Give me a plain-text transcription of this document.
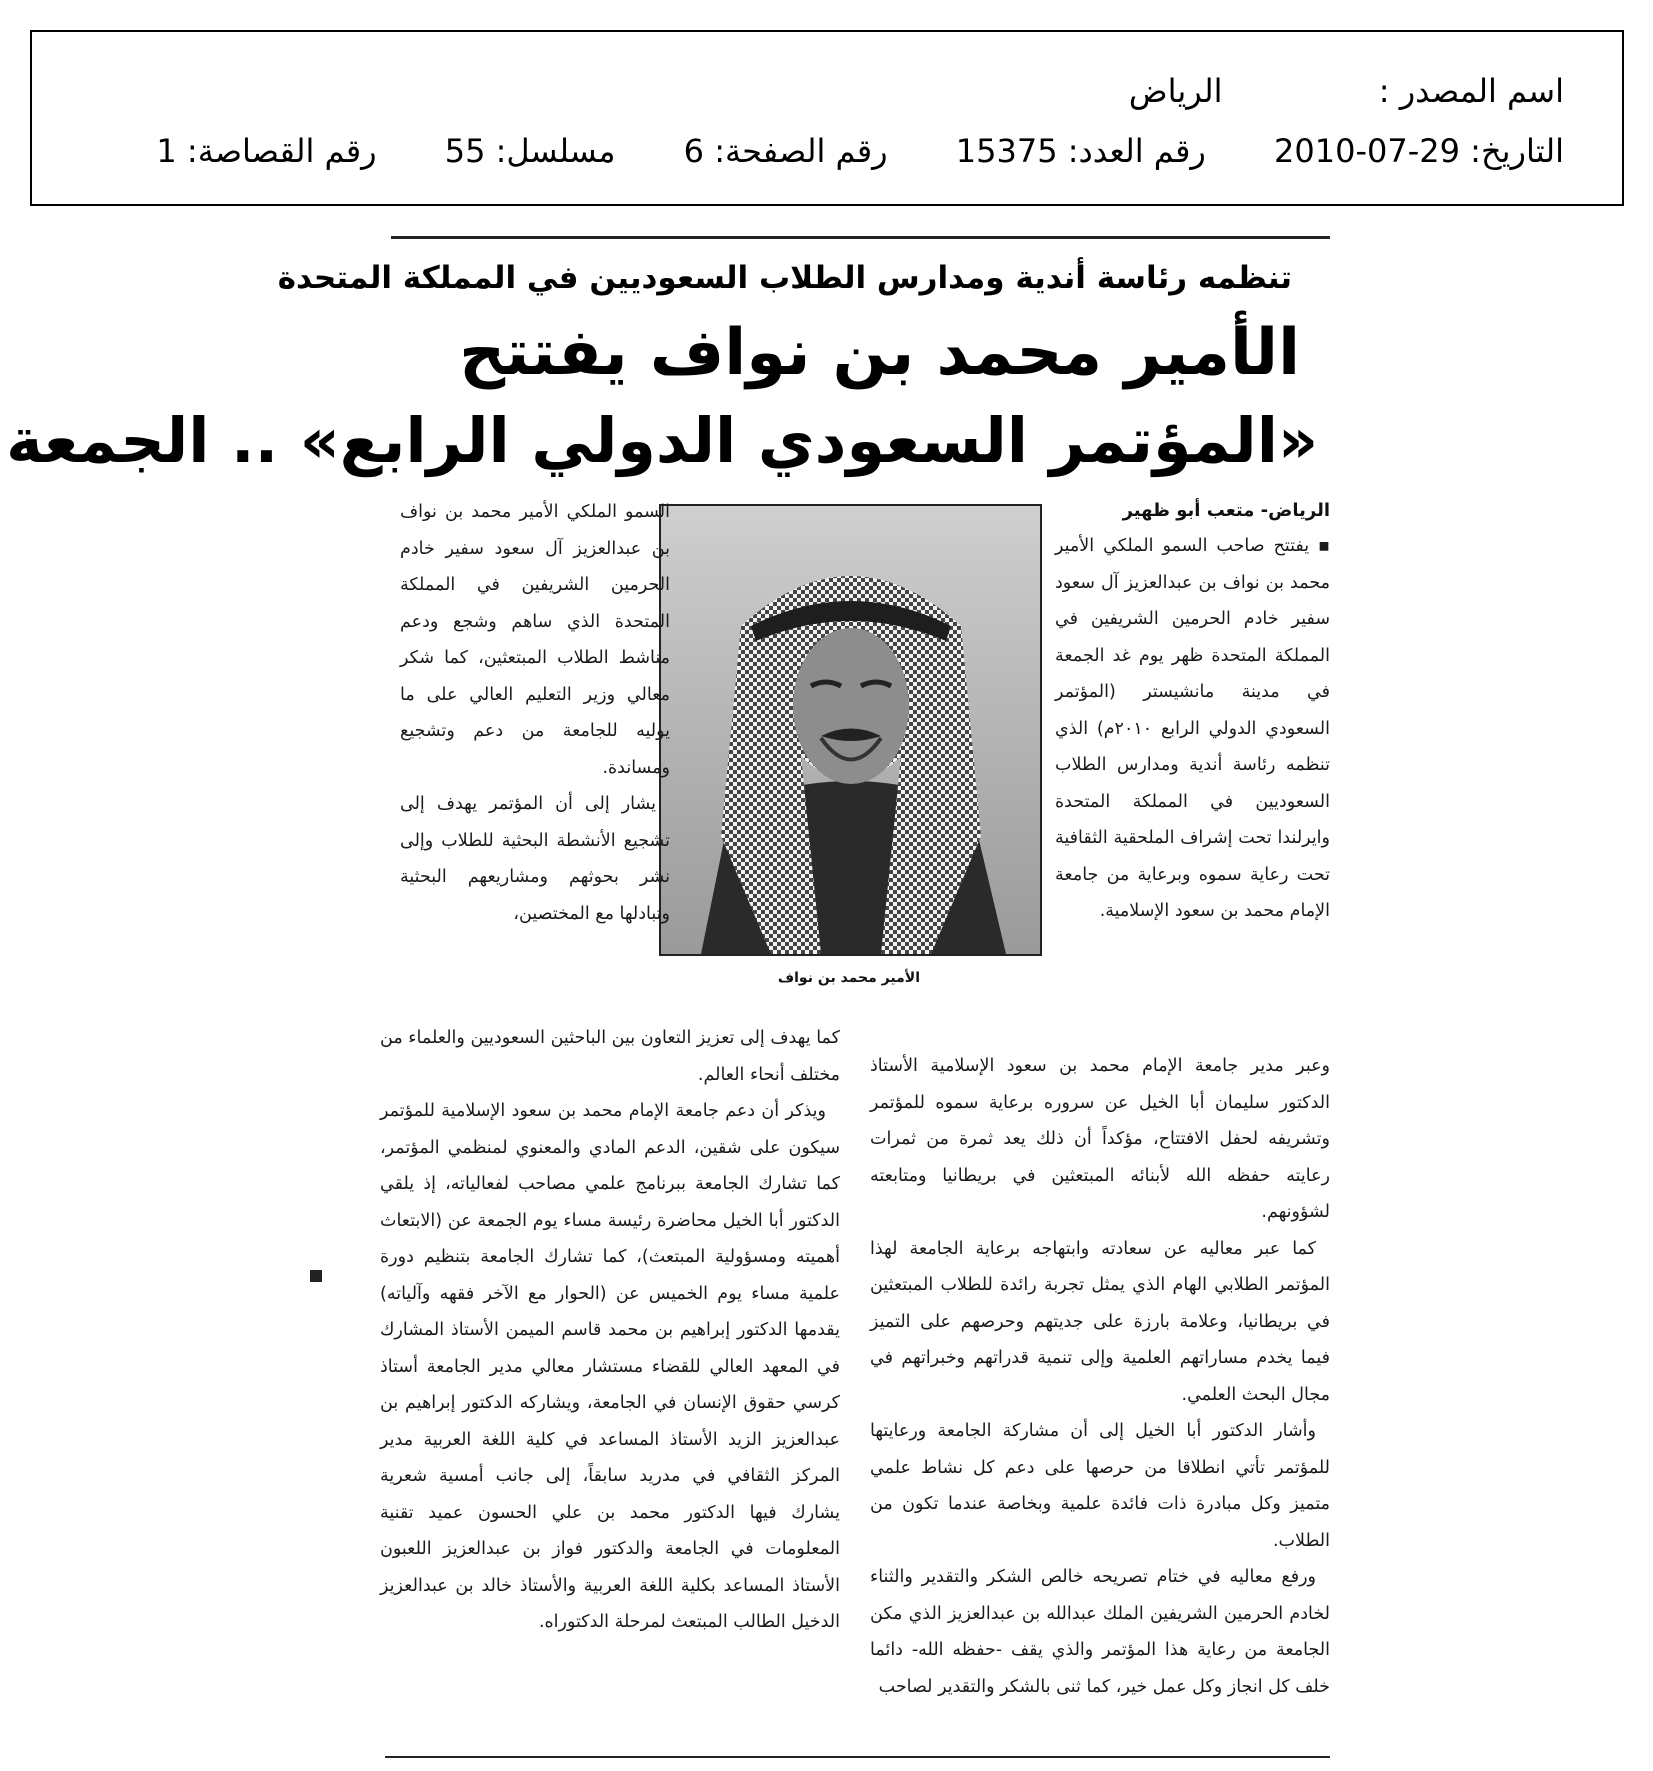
اسم المصدر : الرياض
التاريخ: 29-07-2010 رقم العدد: 15375 رقم الصفحة: 6 مسلسل: 55 رقم القصاصة: 1
تنظمه رئاسة أندية ومدارس الطلاب السعوديين في المملكة المتحدة
الأمير محمد بن نواف يفتتح
«المؤتمر السعودي الدولي الرابع» .. الجمعة
الرياض- متعب أبو ظهير

▪ يفتتح صاحب السمو الملكي الأمير محمد بن نواف بن عبدالعزيز آل سعود سفير خادم الحرمين الشريفين في المملكة المتحدة ظهر يوم غد الجمعة في مدينة مانشيستر (المؤتمر السعودي الدولي الرابع ٢٠١٠م) الذي تنظمه رئاسة أندية ومدارس الطلاب السعوديين في المملكة المتحدة وايرلندا تحت إشراف الملحقية الثقافية تحت رعاية سموه وبرعاية من جامعة الإمام محمد بن سعود الإسلامية.

الأمير محمد بن نواف

السمو الملكي الأمير محمد بن نواف بن عبدالعزيز آل سعود سفير خادم الحرمين الشريفين في المملكة المتحدة الذي ساهم وشجع ودعم مناشط الطلاب المبتعثين، كما شكر معالي وزير التعليم العالي على ما يوليه للجامعة من دعم وتشجيع ومساندة.

يشار إلى أن المؤتمر يهدف إلى تشجيع الأنشطة البحثية للطلاب وإلى نشر بحوثهم ومشاريعهم البحثية وتبادلها مع المختصين،

وعبر مدير جامعة الإمام محمد بن سعود الإسلامية الأستاذ الدكتور سليمان أبا الخيل عن سروره برعاية سموه للمؤتمر وتشريفه لحفل الافتتاح، مؤكداً أن ذلك يعد ثمرة من ثمرات رعايته حفظه الله لأبنائه المبتعثين في بريطانيا ومتابعته لشؤونهم.

كما عبر معاليه عن سعادته وابتهاجه برعاية الجامعة لهذا المؤتمر الطلابي الهام الذي يمثل تجربة رائدة للطلاب المبتعثين في بريطانيا، وعلامة بارزة على جديتهم وحرصهم على التميز فيما يخدم مساراتهم العلمية وإلى تنمية قدراتهم وخبراتهم في مجال البحث العلمي.

وأشار الدكتور أبا الخيل إلى أن مشاركة الجامعة ورعايتها للمؤتمر تأتي انطلاقا من حرصها على دعم كل نشاط علمي متميز وكل مبادرة ذات فائدة علمية وبخاصة عندما تكون من الطلاب.

ورفع معاليه في ختام تصريحه خالص الشكر والتقدير والثناء لخادم الحرمين الشريفين الملك عبدالله بن عبدالعزيز الذي مكن الجامعة من رعاية هذا المؤتمر والذي يقف -حفظه الله- دائما خلف كل انجاز وكل عمل خير، كما ثنى بالشكر والتقدير لصاحب

كما يهدف إلى تعزيز التعاون بين الباحثين السعوديين والعلماء من مختلف أنحاء العالم.

ويذكر أن دعم جامعة الإمام محمد بن سعود الإسلامية للمؤتمر سيكون على شقين، الدعم المادي والمعنوي لمنظمي المؤتمر، كما تشارك الجامعة ببرنامج علمي مصاحب لفعالياته، إذ يلقي الدكتور أبا الخيل محاضرة رئيسة مساء يوم الجمعة عن (الابتعاث أهميته ومسؤولية المبتعث)، كما تشارك الجامعة بتنظيم دورة علمية مساء يوم الخميس عن (الحوار مع الآخر فقهه وآلياته) يقدمها الدكتور إبراهيم بن محمد قاسم الميمن الأستاذ المشارك في المعهد العالي للقضاء مستشار معالي مدير الجامعة أستاذ كرسي حقوق الإنسان في الجامعة، ويشاركه الدكتور إبراهيم بن عبدالعزيز الزيد الأستاذ المساعد في كلية اللغة العربية مدير المركز الثقافي في مدريد سابقاً، إلى جانب أمسية شعرية يشارك فيها الدكتور محمد بن علي الحسون عميد تقنية المعلومات في الجامعة والدكتور فواز بن عبدالعزيز اللعبون الأستاذ المساعد بكلية اللغة العربية والأستاذ خالد بن عبدالعزيز الدخيل الطالب المبتعث لمرحلة الدكتوراه.
